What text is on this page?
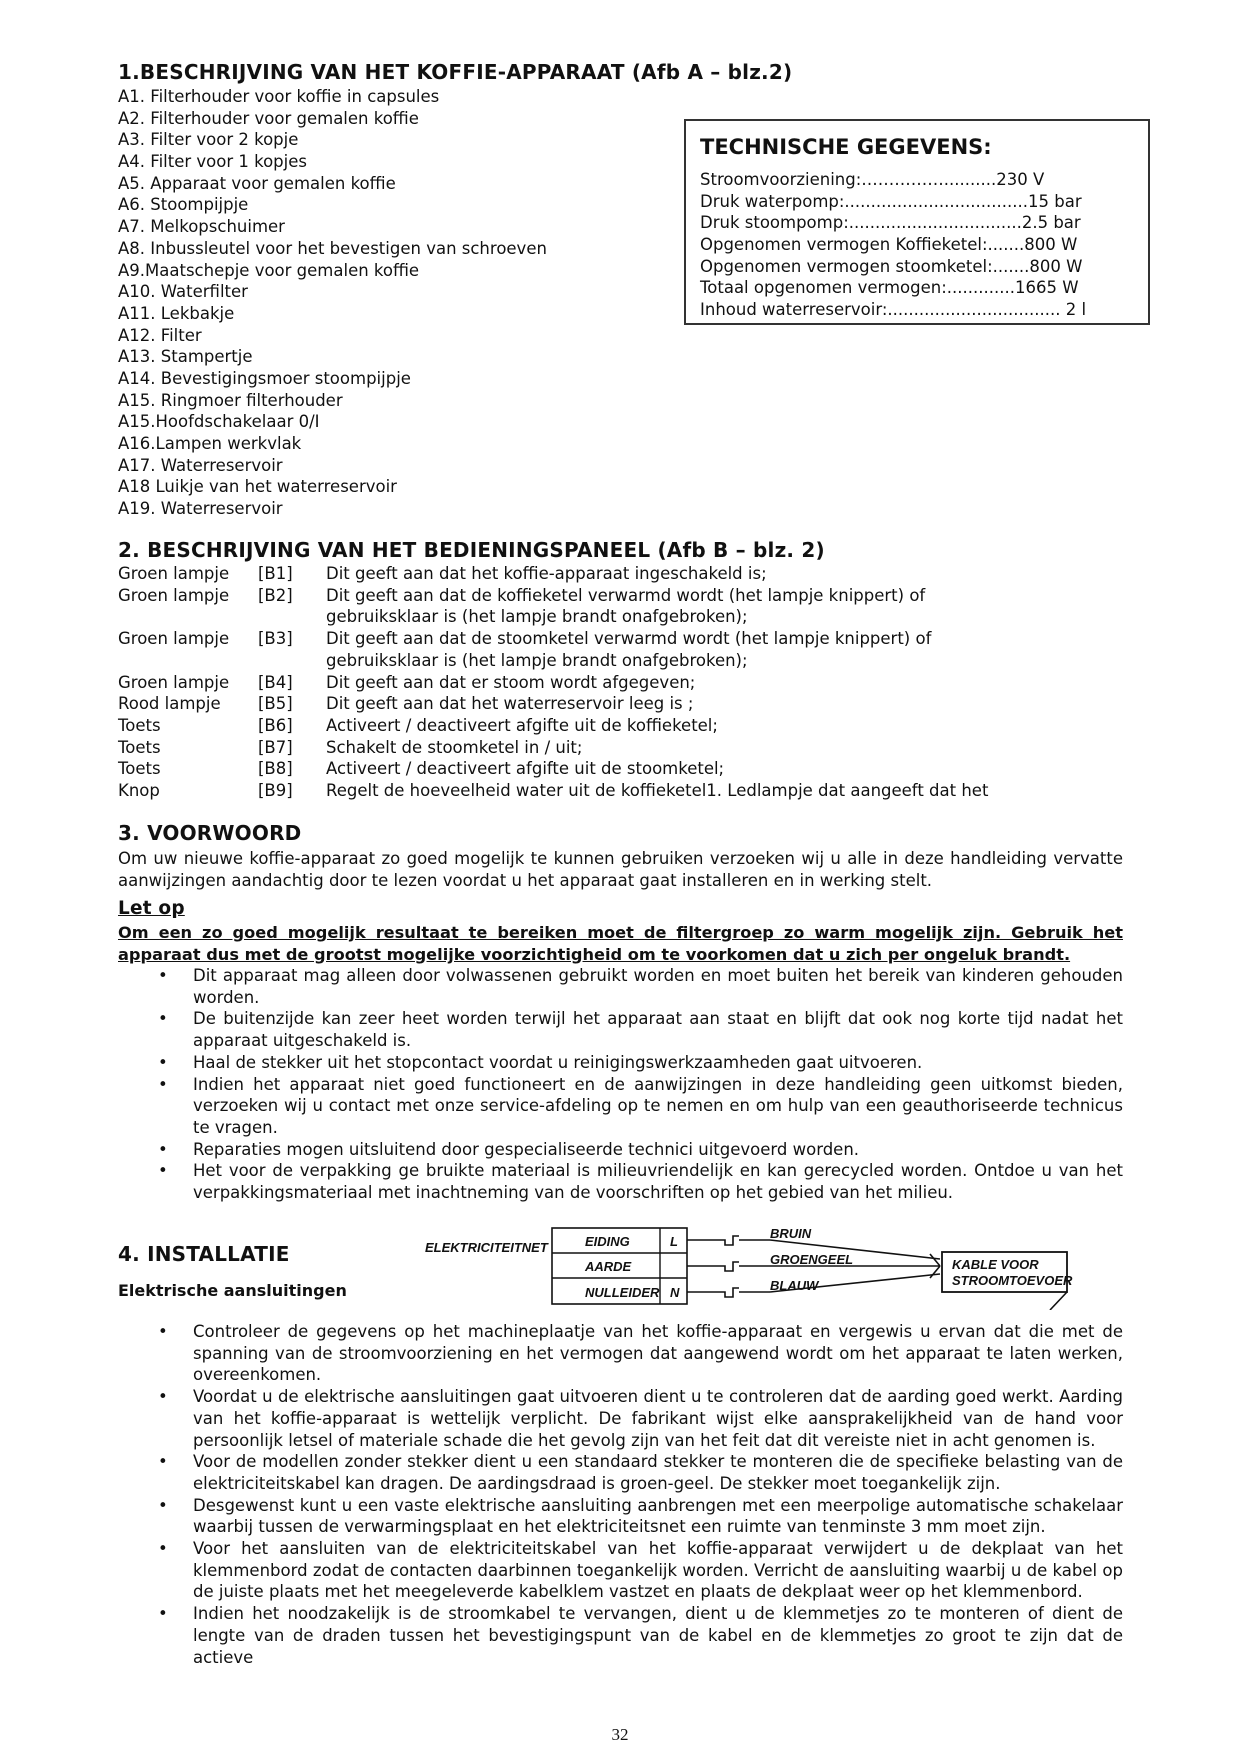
1.BESCHRIJVING VAN HET KOFFIE-APPARAAT (Afb A – blz.2)
A1. Filterhouder voor koffie in capsules
A2. Filterhouder voor gemalen koffie
A3. Filter voor 2 kopje
A4. Filter voor 1 kopjes
A5. Apparaat voor gemalen koffie
A6. Stoompijpje
A7. Melkopschuimer
A8. Inbussleutel voor het bevestigen van schroeven
A9.Maatschepje voor gemalen koffie
A10. Waterfilter
A11. Lekbakje
A12. Filter
A13. Stampertje
A14. Bevestigingsmoer stoompijpje
A15. Ringmoer filterhouder
A15.Hoofdschakelaar 0/I
A16.Lampen werkvlak
A17. Waterreservoir
A18 Luikje van het waterreservoir
A19. Waterreservoir
TECHNISCHE GEGEVENS:
Stroomvoorziening:……………..........230 V
Druk waterpomp:...................................15 bar
Druk stoompomp:.................................2.5 bar
Opgenomen vermogen Koffieketel:.......800 W
Opgenomen vermogen stoomketel:.......800 W
Totaal opgenomen vermogen:.............1665 W
Inhoud waterreservoir:................................. 2 l
2. BESCHRIJVING VAN HET BEDIENINGSPANEEL (Afb B – blz. 2)
Groen lampje [B1] Dit geeft aan dat het koffie-apparaat ingeschakeld is;
Groen lampje [B2] Dit geeft aan dat de koffieketel verwarmd wordt (het lampje knippert) of
gebruiksklaar is (het lampje brandt onafgebroken);
Groen lampje [B3] Dit geeft aan dat de stoomketel verwarmd wordt (het lampje knippert) of
gebruiksklaar is (het lampje brandt onafgebroken);
Groen lampje [B4] Dit geeft aan dat er stoom wordt afgegeven;
Rood lampje [B5] Dit geeft aan dat het waterreservoir leeg is ;
Toets	[B6] Activeert / deactiveert afgifte uit de koffieketel;
Toets	[B7] Schakelt de stoomketel in / uit;
Toets	[B8] Activeert / deactiveert afgifte uit de stoomketel;
Knop	[B9] Regelt de hoeveelheid water uit de koffieketel1. Ledlampje dat aangeeft dat het
3. VOORWOORD
Om uw nieuwe koffie-apparaat zo goed mogelijk te kunnen gebruiken verzoeken wij u alle in deze handleiding vervatte aanwijzingen aandachtig door te lezen voordat u het apparaat gaat installeren en in werking stelt.
Let op
Om een zo goed mogelijk resultaat te bereiken moet de filtergroep zo warm mogelijk zijn. Gebruik het apparaat dus met de grootst mogelijke voorzichtigheid om te voorkomen dat u zich per ongeluk brandt.
• Dit apparaat mag alleen door volwassenen gebruikt worden en moet buiten het bereik van kinderen gehouden worden.
• De buitenzijde kan zeer heet worden terwijl het apparaat aan staat en blijft dat ook nog korte tijd nadat het apparaat uitgeschakeld is.
• Haal de stekker uit het stopcontact voordat u reinigingswerkzaamheden gaat uitvoeren.
• Indien het apparaat niet goed functioneert en de aanwijzingen in deze handleiding geen uitkomst bieden, verzoeken wij u contact met onze service-afdeling op te nemen en om hulp van een geauthoriseerde technicus te vragen.
• Reparaties mogen uitsluitend door gespecialiseerde technici uitgevoerd worden.
• Het voor de verpakking ge bruikte materiaal is milieuvriendelijk en kan gerecycled worden. Ontdoe u van het verpakkingsmateriaal met inachtneming van de voorschriften op het gebied van het milieu.
4. INSTALLATIE
Elektrische aansluitingen
ELEKTRICITEITNET	EIDING	L
AARDE
NULLEIDER N
BRUIN
GROENGEEL
BLAUW
KABLE VOOR
STROOMTOEVOER
• Controleer de gegevens op het machineplaatje van het koffie-apparaat en vergewis u ervan dat die met de spanning van de stroomvoorziening en het vermogen dat aangewend wordt om het apparaat te laten werken, overeenkomen.
• Voordat u de elektrische aansluitingen gaat uitvoeren dient u te controleren dat de aarding goed werkt. Aarding van het koffie-apparaat is wettelijk verplicht. De fabrikant wijst elke aansprakelijkheid van de hand voor persoonlijk letsel of materiale schade die het gevolg zijn van het feit dat dit vereiste niet in acht genomen is.
• Voor de modellen zonder stekker dient u een standaard stekker te monteren die de specifieke belasting van de elektriciteitskabel kan dragen. De aardingsdraad is groen-geel. De stekker moet toegankelijk zijn.
• Desgewenst kunt u een vaste elektrische aansluiting aanbrengen met een meerpolige automatische schakelaar waarbij tussen de verwarmingsplaat en het elektriciteitsnet een ruimte van tenminste 3 mm moet zijn.
• Voor het aansluiten van de elektriciteitskabel van het koffie-apparaat verwijdert u de dekplaat van het klemmenbord zodat de contacten daarbinnen toegankelijk worden. Verricht de aansluiting waarbij u de kabel op de juiste plaats met het meegeleverde kabelklem vastzet en plaats de dekplaat weer op het klemmenbord.
• Indien het noodzakelijk is de stroomkabel te vervangen, dient u de klemmetjes zo te monteren of dient de lengte van de draden tussen het bevestigingspunt van de kabel en de klemmetjes zo groot te zijn dat de actieve
32
